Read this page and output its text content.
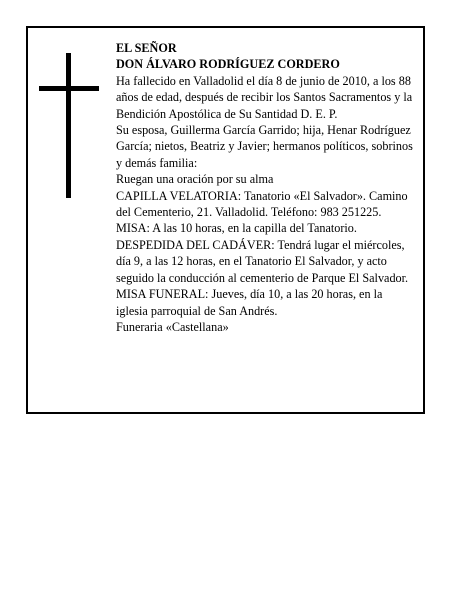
EL SEÑOR

DON ÁLVARO RODRÍGUEZ CORDERO

Ha fallecido en Valladolid el día 8 de junio de 2010, a los 88 años de edad, después de recibir los Santos Sacramentos y la Bendición Apostólica de Su Santidad D. E. P.

Su esposa, Guillerma García Garrido; hija, Henar Rodríguez García; nietos, Beatriz y Javier; hermanos políticos, sobrinos y demás familia:

Ruegan una oración por su alma

CAPILLA VELATORIA: Tanatorio «El Salvador». Camino del Cementerio, 21. Valladolid. Teléfono: 983 251225.

MISA: A las 10 horas, en la capilla del Tanatorio.

DESPEDIDA DEL CADÁVER: Tendrá lugar el miércoles, día 9, a las 12 horas, en el Tanatorio El Salvador, y acto seguido la conducción al cementerio de Parque El Salvador.

MISA FUNERAL: Jueves, día 10, a las 20 horas, en la iglesia parroquial de San Andrés.

Funeraria «Castellana»
